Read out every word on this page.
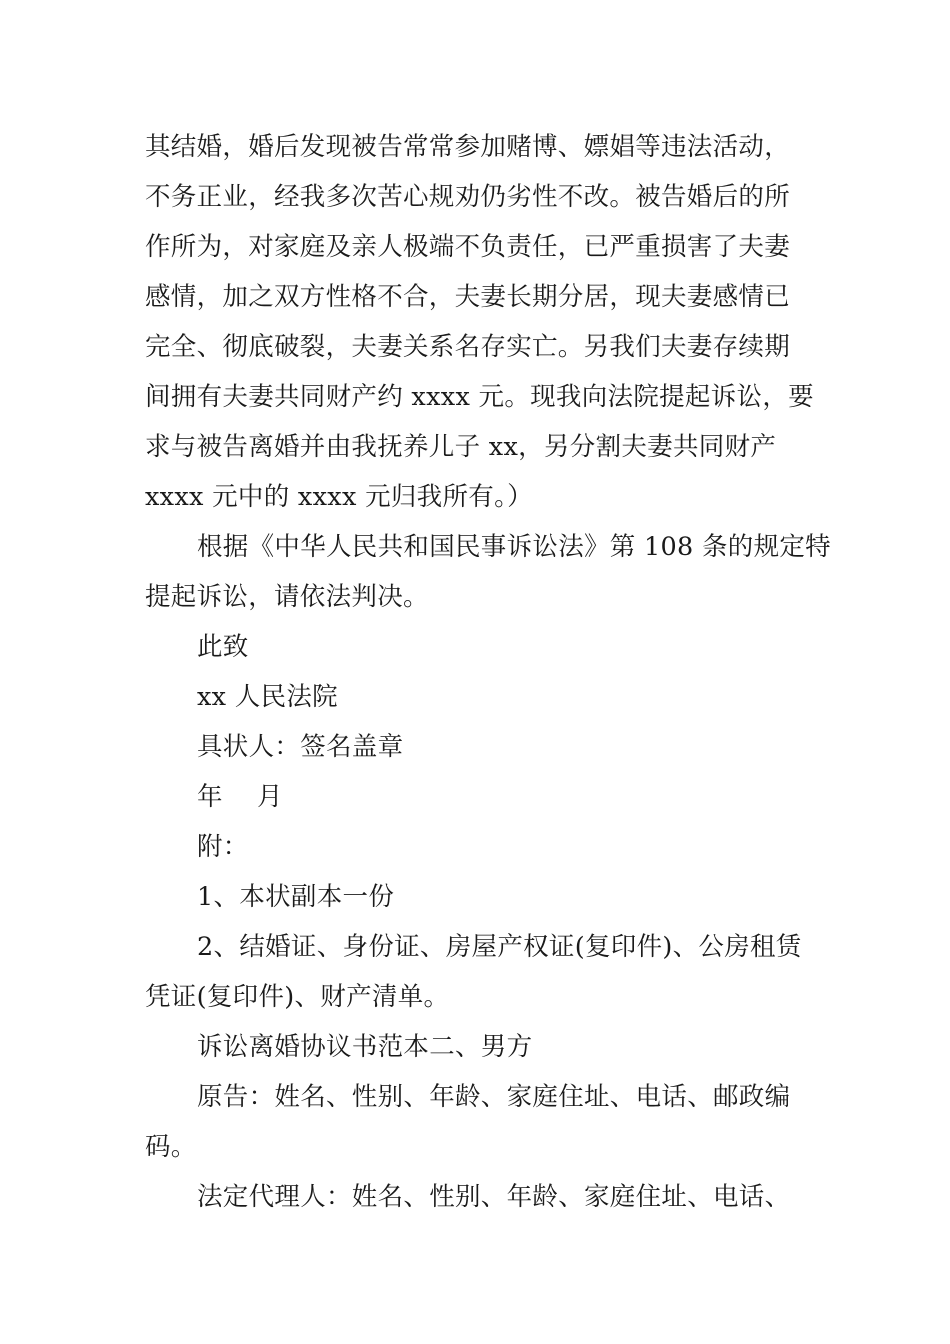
其结婚，婚后发现被告常常参加赌博、嫖娼等违法活动，
不务正业，经我多次苦心规劝仍劣性不改。被告婚后的所
作所为，对家庭及亲人极端不负责任，已严重损害了夫妻
感情，加之双方性格不合，夫妻长期分居，现夫妻感情已
完全、彻底破裂，夫妻关系名存实亡。另我们夫妻存续期
间拥有夫妻共同财产约 xxxx 元。现我向法院提起诉讼，要
求与被告离婚并由我抚养儿子 xx，另分割夫妻共同财产
xxxx 元中的 xxxx 元归我所有。）

根据《中华人民共和国民事诉讼法》第 108 条的规定特
提起诉讼，请依法判决。

此致

xx 人民法院

具状人：签名盖章

年　 月

附：

1、本状副本一份

2、结婚证、身份证、房屋产权证(复印件)、公房租赁
凭证(复印件)、财产清单。

诉讼离婚协议书范本二、男方

原告：姓名、性别、年龄、家庭住址、电话、邮政编
码。

法定代理人：姓名、性别、年龄、家庭住址、电话、
